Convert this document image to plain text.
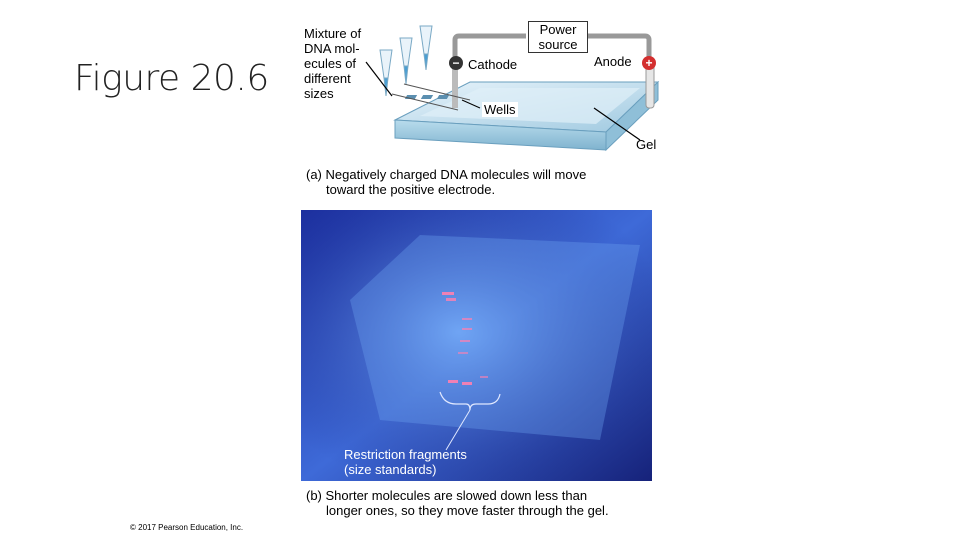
Figure 20.6	−	+
Mixture of
DNA mol-
ecules of
different
sizes
Power
source
Cathode	Anode
Wells
Gel
(a) Negatively charged DNA molecules will move
toward the positive electrode.
Restriction fragments
(size standards)
(b) Shorter molecules are slowed down less than
longer ones, so they move faster through the gel.
© 2017 Pearson Education, Inc.
